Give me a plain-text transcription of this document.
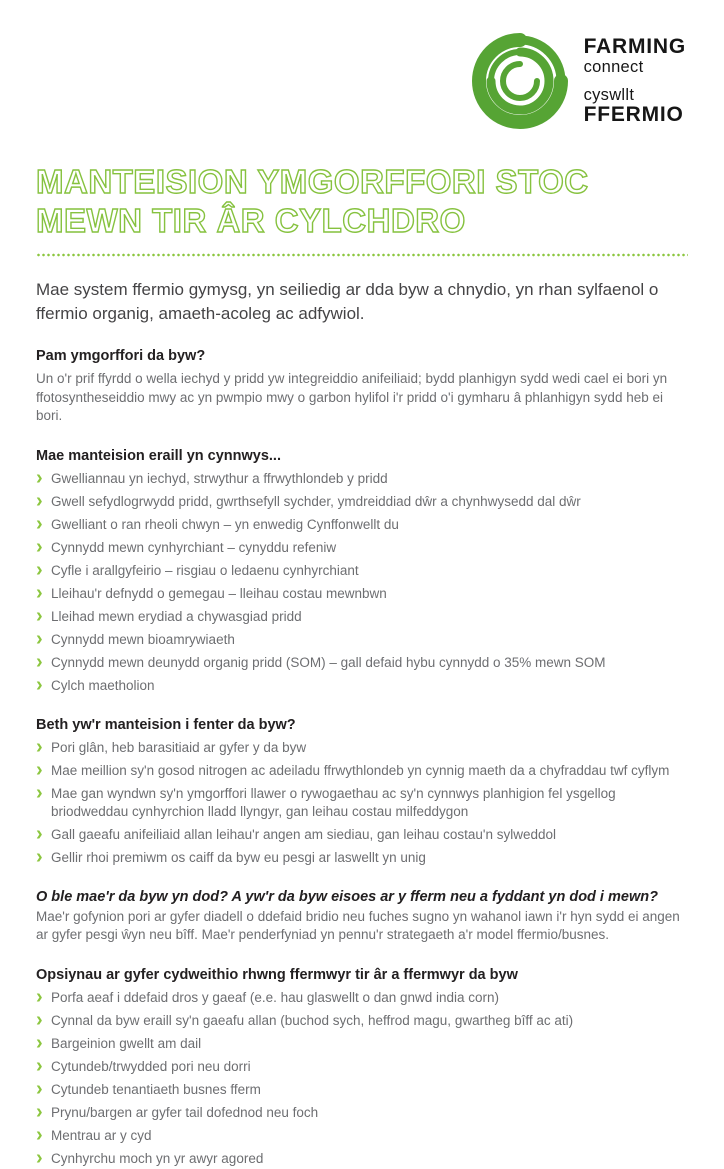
FARMING
connect
cyswllt
FFERMIO
MANTEISION YMGORFFORI STOC
MEWN TIR ÂR CYLCHDRO

Mae system ffermio gymysg, yn seiliedig ar dda byw a chnydio, yn rhan sylfaenol o ffermio organig, amaeth-acoleg ac adfywiol.

Pam ymgorffori da byw?

Un o'r prif ffyrdd o wella iechyd y pridd yw integreiddio anifeiliaid; bydd planhigyn sydd wedi cael ei bori yn ffotosyntheseiddio mwy ac yn pwmpio mwy o garbon hylifol i'r pridd o'i gymharu â phlanhigyn sydd heb ei bori.

Mae manteision eraill yn cynnwys...
› Gwelliannau yn iechyd, strwythur a ffrwythlondeb y pridd
› Gwell sefydlogrwydd pridd, gwrthsefyll sychder, ymdreiddiad dŵr a chynhwysedd dal dŵr
› Gwelliant o ran rheoli chwyn – yn enwedig Cynffonwellt du
› Cynnydd mewn cynhyrchiant – cynyddu refeniw
› Cyfle i arallgyfeirio – risgiau o ledaenu cynhyrchiant
› Lleihau'r defnydd o gemegau – lleihau costau mewnbwn
› Lleihad mewn erydiad a chywasgiad pridd
› Cynnydd mewn bioamrywiaeth
› Cynnydd mewn deunydd organig pridd (SOM) – gall defaid hybu cynnydd o 35% mewn SOM
› Cylch maetholion
Beth yw'r manteision i fenter da byw?
› Pori glân, heb barasitiaid ar gyfer y da byw
› Mae meillion sy'n gosod nitrogen ac adeiladu ffrwythlondeb yn cynnig maeth da a chyfraddau twf cyflym
› Mae gan wyndwn sy'n ymgorffori llawer o rywogaethau ac sy'n cynnwys planhigion fel ysgellog briodweddau cynhyrchion lladd llyngyr, gan leihau costau milfeddygon
› Gall gaeafu anifeiliaid allan leihau'r angen am siediau, gan leihau costau'n sylweddol
› Gellir rhoi premiwm os caiff da byw eu pesgi ar laswellt yn unig
O ble mae'r da byw yn dod? A yw'r da byw eisoes ar y fferm neu a fyddant yn dod i mewn?

Mae'r gofynion pori ar gyfer diadell o ddefaid bridio neu fuches sugno yn wahanol iawn i'r hyn sydd ei angen ar gyfer pesgi ŵyn neu bîff. Mae'r penderfyniad yn pennu'r strategaeth a'r model ffermio/busnes.

Opsiynau ar gyfer cydweithio rhwng ffermwyr tir âr a ffermwyr da byw
› Porfa aeaf i ddefaid dros y gaeaf (e.e. hau glaswellt o dan gnwd india corn)
› Cynnal da byw eraill sy'n gaeafu allan (buchod sych, heffrod magu, gwartheg bîff ac ati)
› Bargeinion gwellt am dail
› Cytundeb/trwydded pori neu dorri
› Cytundeb tenantiaeth busnes fferm
› Prynu/bargen ar gyfer tail dofednod neu foch
› Mentrau ar y cyd
› Cynhyrchu moch yn yr awyr agored
